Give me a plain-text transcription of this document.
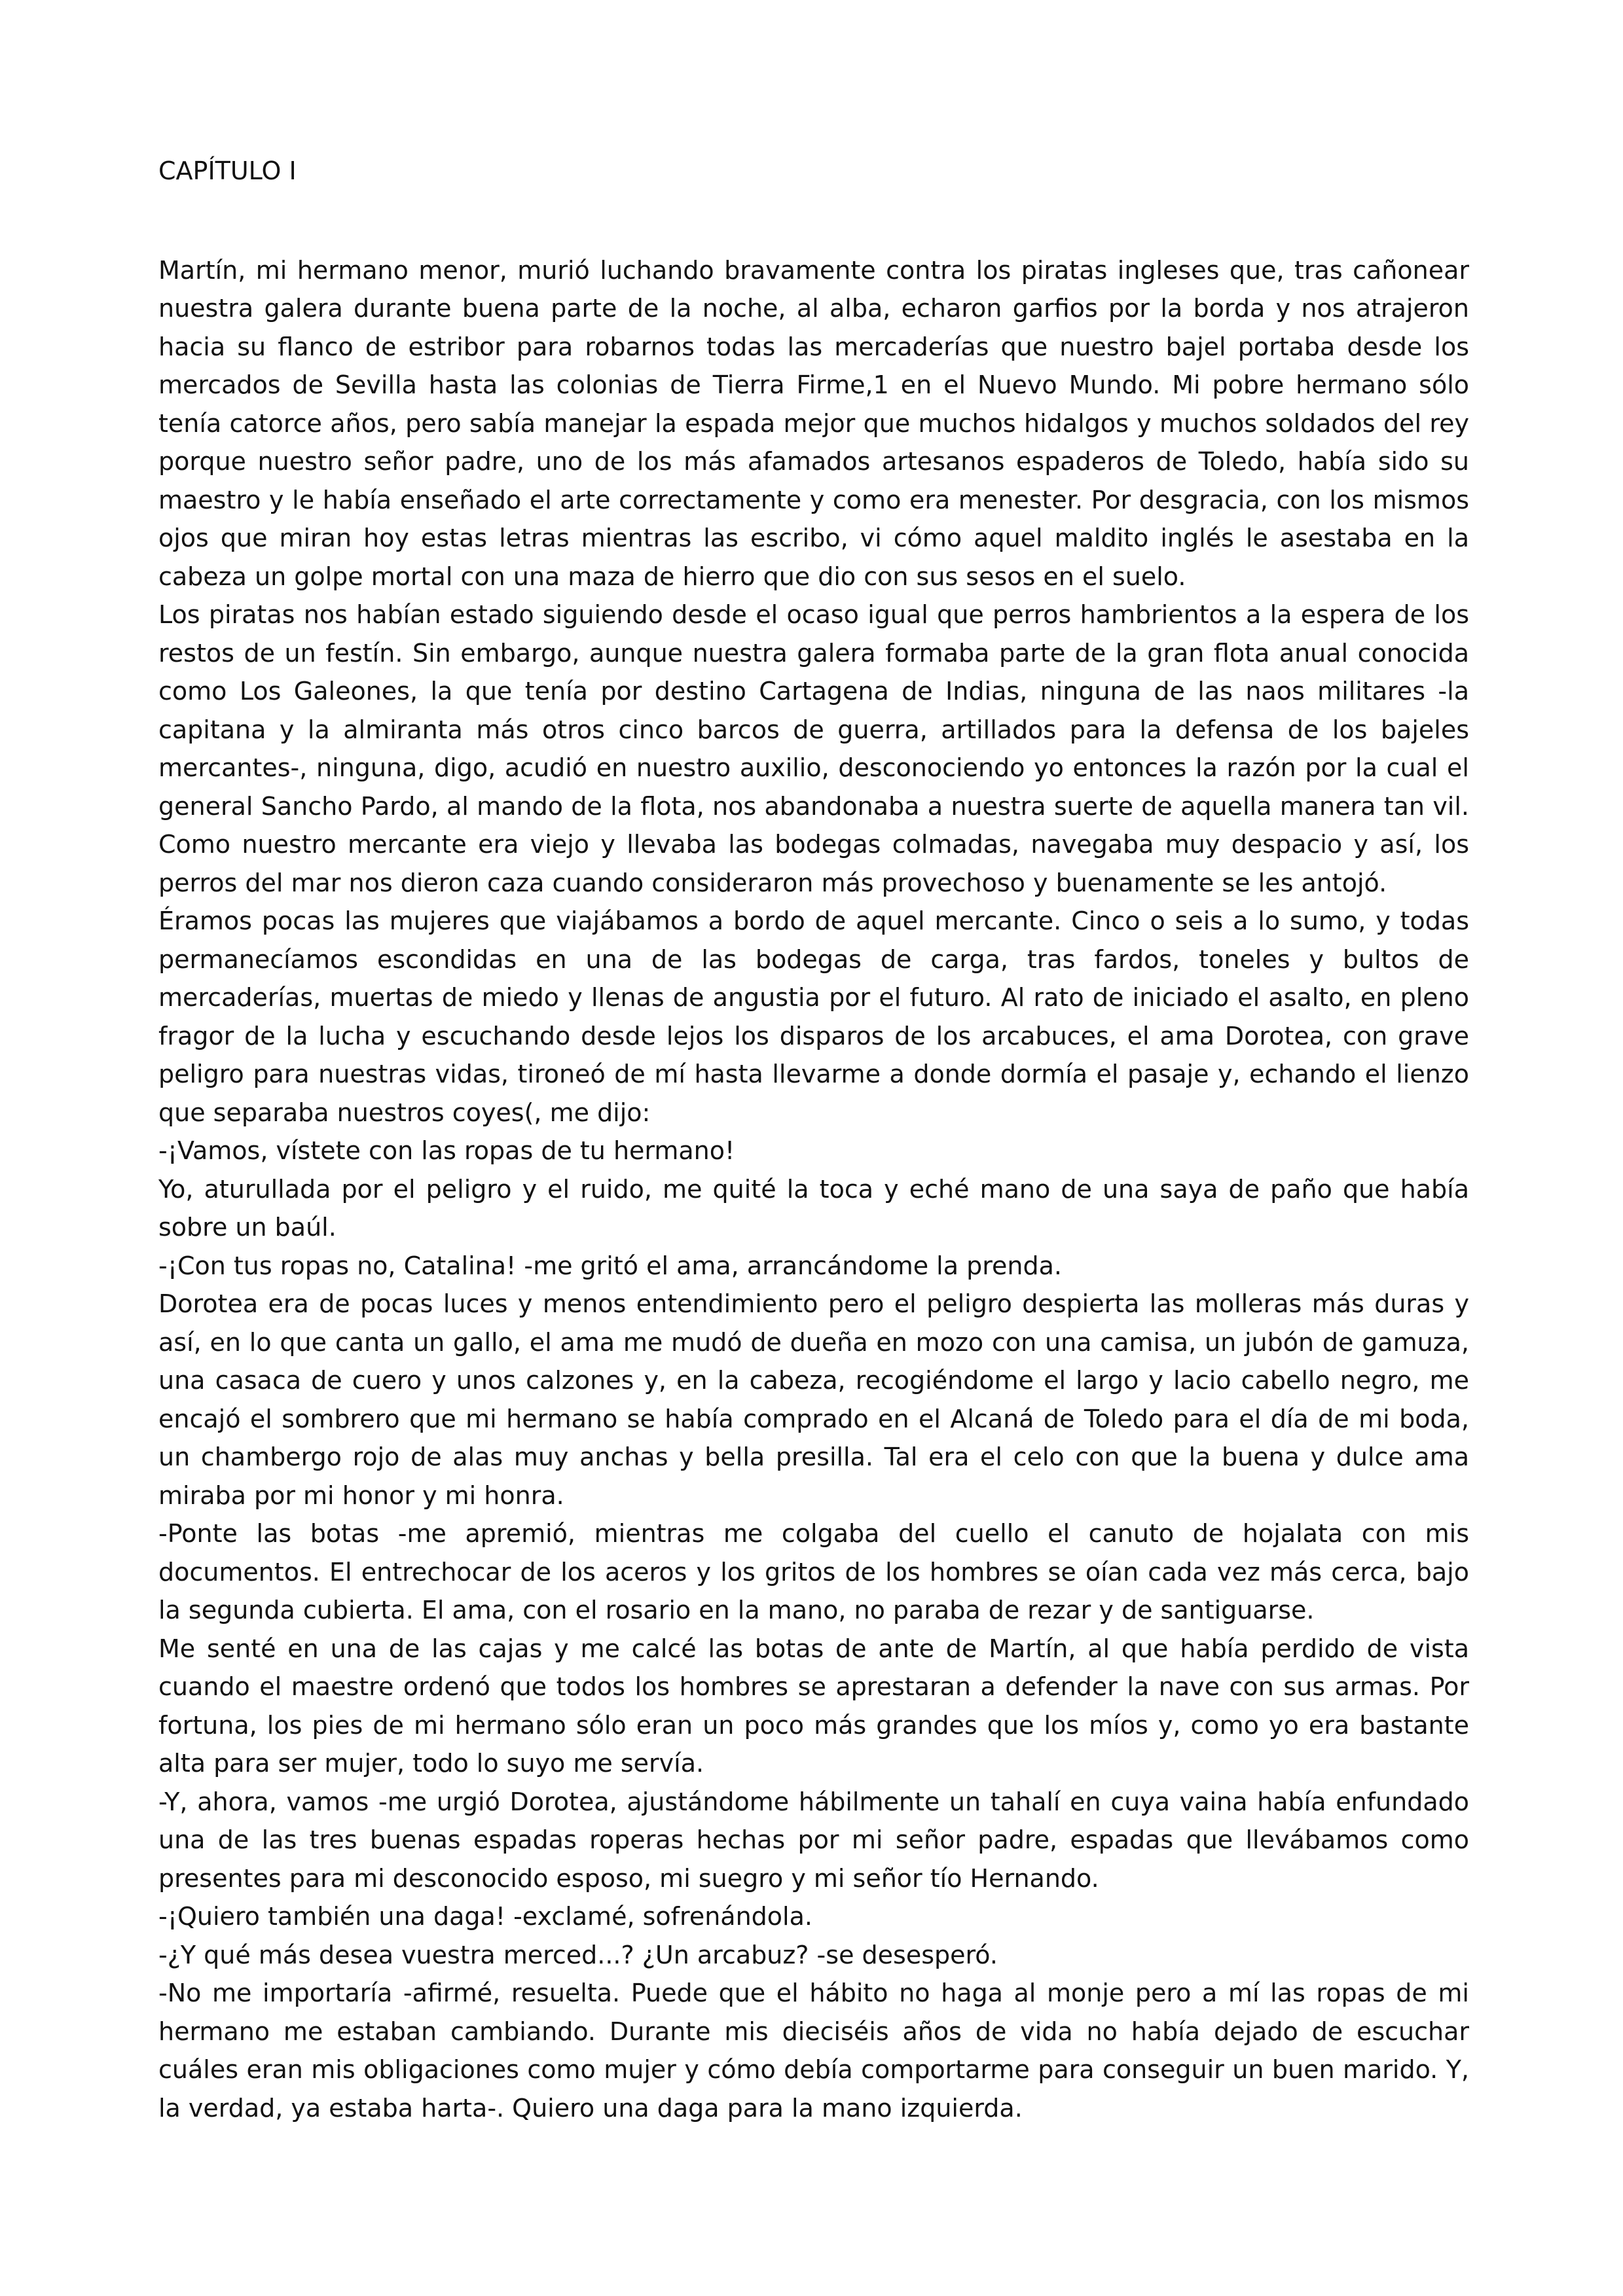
CAPÍTULO I

Martín, mi hermano menor, murió luchando bravamente contra los piratas ingleses que, tras cañonear nuestra galera durante buena parte de la noche, al alba, echaron garfios por la borda y nos atrajeron hacia su flanco de estribor para robarnos todas las mercaderías que nuestro bajel portaba desde los mercados de Sevilla hasta las colonias de Tierra Firme,1 en el Nuevo Mundo. Mi pobre hermano sólo tenía catorce años, pero sabía manejar la espada mejor que muchos hidalgos y muchos soldados del rey porque nuestro señor padre, uno de los más afamados artesanos espaderos de Toledo, había sido su maestro y le había enseñado el arte correctamente y como era menester. Por desgracia, con los mismos ojos que miran hoy estas letras mientras las escribo, vi cómo aquel maldito inglés le asestaba en la cabeza un golpe mortal con una maza de hierro que dio con sus sesos en el suelo.

Los piratas nos habían estado siguiendo desde el ocaso igual que perros hambrientos a la espera de los restos de un festín. Sin embargo, aunque nuestra galera formaba parte de la gran flota anual conocida como Los Galeones, la que tenía por destino Cartagena de Indias, ninguna de las naos militares -la capitana y la almiranta más otros cinco barcos de guerra, artillados para la defensa de los bajeles mercantes-, ninguna, digo, acudió en nuestro auxilio, desconociendo yo entonces la razón por la cual el general Sancho Pardo, al mando de la flota, nos abandonaba a nuestra suerte de aquella manera tan vil. Como nuestro mercante era viejo y llevaba las bodegas colmadas, navegaba muy despacio y así, los perros del mar nos dieron caza cuando consideraron más provechoso y buenamente se les antojó.

Éramos pocas las mujeres que viajábamos a bordo de aquel mercante. Cinco o seis a lo sumo, y todas permanecíamos escondidas en una de las bodegas de carga, tras fardos, toneles y bultos de mercaderías, muertas de miedo y llenas de angustia por el futuro. Al rato de iniciado el asalto, en pleno fragor de la lucha y escuchando desde lejos los disparos de los arcabuces, el ama Dorotea, con grave peligro para nuestras vidas, tironeó de mí hasta llevarme a donde dormía el pasaje y, echando el lienzo que separaba nuestros coyes(, me dijo:

-¡Vamos, vístete con las ropas de tu hermano!

Yo, aturullada por el peligro y el ruido, me quité la toca y eché mano de una saya de paño que había sobre un baúl.

-¡Con tus ropas no, Catalina! -me gritó el ama, arrancándome la prenda.

Dorotea era de pocas luces y menos entendimiento pero el peligro despierta las molleras más duras y así, en lo que canta un gallo, el ama me mudó de dueña en mozo con una camisa, un jubón de gamuza, una casaca de cuero y unos calzones y, en la cabeza, recogiéndome el largo y lacio cabello negro, me encajó el sombrero que mi hermano se había comprado en el Alcaná de Toledo para el día de mi boda, un chambergo rojo de alas muy anchas y bella presilla. Tal era el celo con que la buena y dulce ama miraba por mi honor y mi honra.

-Ponte las botas -me apremió, mientras me colgaba del cuello el canuto de hojalata con mis documentos. El entrechocar de los aceros y los gritos de los hombres se oían cada vez más cerca, bajo la segunda cubierta. El ama, con el rosario en la mano, no paraba de rezar y de santiguarse.

Me senté en una de las cajas y me calcé las botas de ante de Martín, al que había perdido de vista cuando el maestre ordenó que todos los hombres se aprestaran a defender la nave con sus armas. Por fortuna, los pies de mi hermano sólo eran un poco más grandes que los míos y, como yo era bastante alta para ser mujer, todo lo suyo me servía.

-Y, ahora, vamos -me urgió Dorotea, ajustándome hábilmente un tahalí en cuya vaina había enfundado una de las tres buenas espadas roperas hechas por mi señor padre, espadas que llevábamos como presentes para mi desconocido esposo, mi suegro y mi señor tío Hernando.

-¡Quiero también una daga! -exclamé, sofrenándola.

-¿Y qué más desea vuestra merced...? ¿Un arcabuz? -se desesperó.

-No me importaría -afirmé, resuelta. Puede que el hábito no haga al monje pero a mí las ropas de mi hermano me estaban cambiando. Durante mis dieciséis años de vida no había dejado de escuchar cuáles eran mis obligaciones como mujer y cómo debía comportarme para conseguir un buen marido. Y, la verdad, ya estaba harta-. Quiero una daga para la mano izquierda.
